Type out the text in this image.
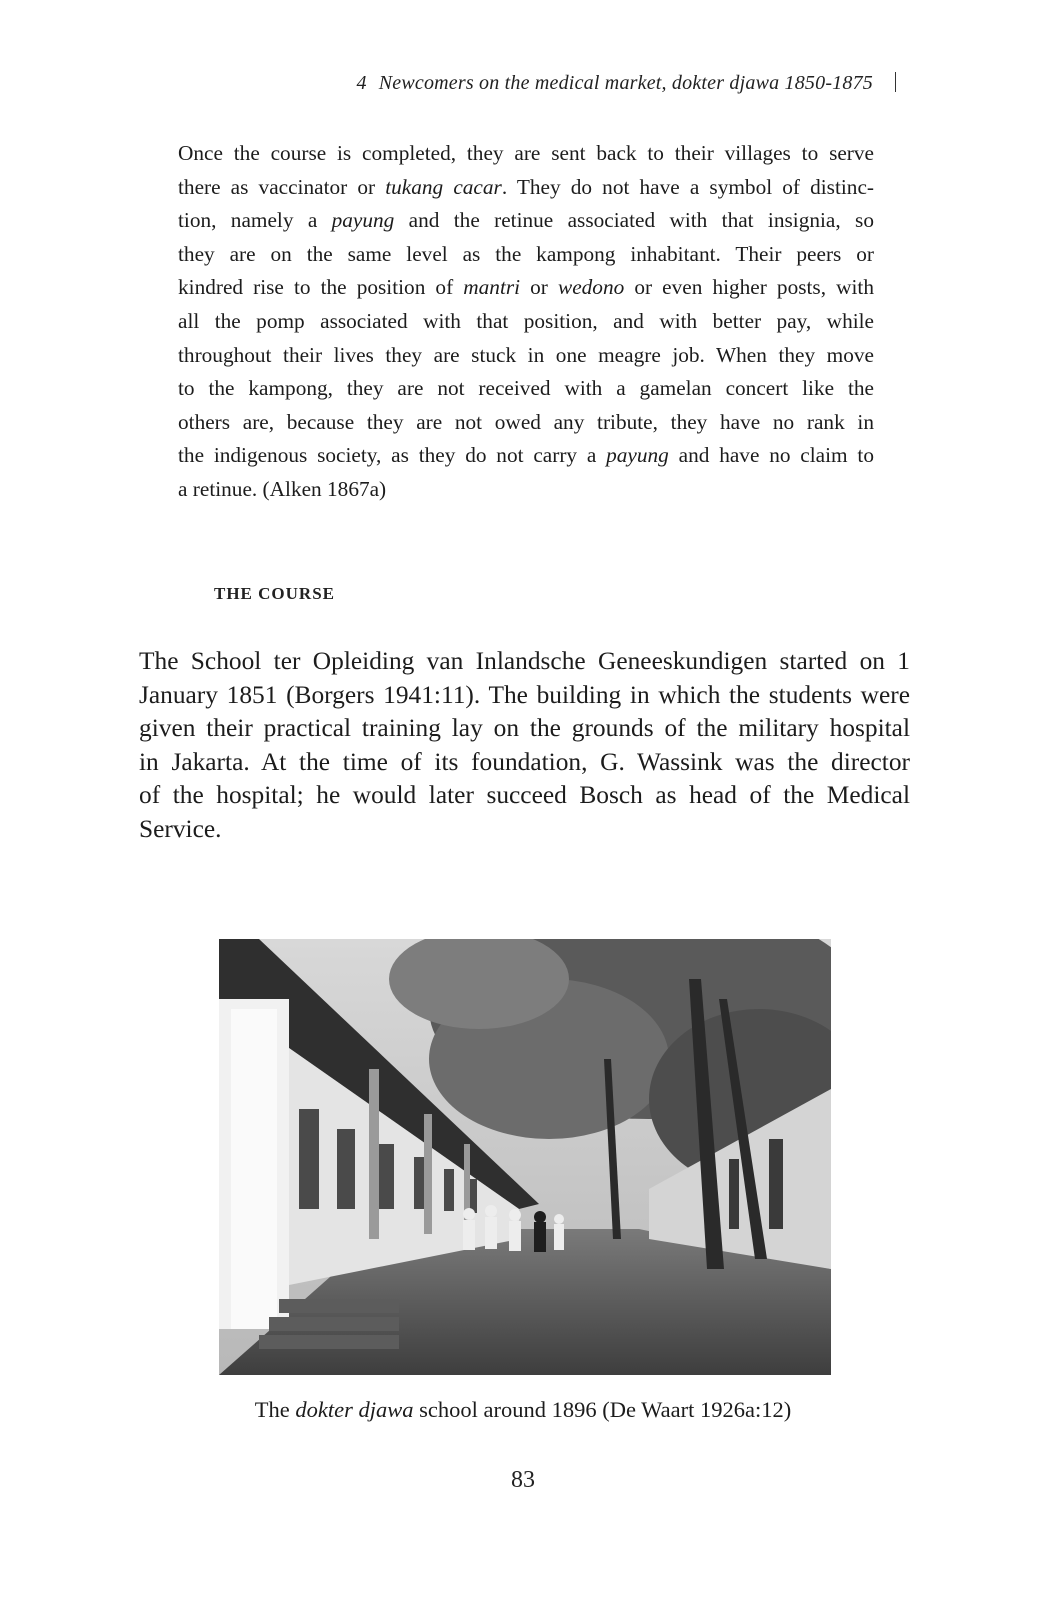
4 Newcomers on the medical market, dokter djawa 1850-1875
Once the course is completed, they are sent back to their villages to serve
there as vaccinator or tukang cacar. They do not have a symbol of distinc-
tion, namely a payung and the retinue associated with that insignia, so
they are on the same level as the kampong inhabitant. Their peers or
kindred rise to the position of mantri or wedono or even higher posts, with
all the pomp associated with that position, and with better pay, while
throughout their lives they are stuck in one meagre job. When they move
to the kampong, they are not received with a gamelan concert like the
others are, because they are not owed any tribute, they have no rank in
the indigenous society, as they do not carry a payung and have no claim to
a retinue. (Alken 1867a)
THE COURSE
The School ter Opleiding van Inlandsche Geneeskundigen started on 1
January 1851 (Borgers 1941:11). The building in which the students were
given their practical training lay on the grounds of the military hospital
in Jakarta. At the time of its foundation, G. Wassink was the director
of the hospital; he would later succeed Bosch as head of the Medical
Service.
The dokter djawa school around 1896 (De Waart 1926a:12)
83
